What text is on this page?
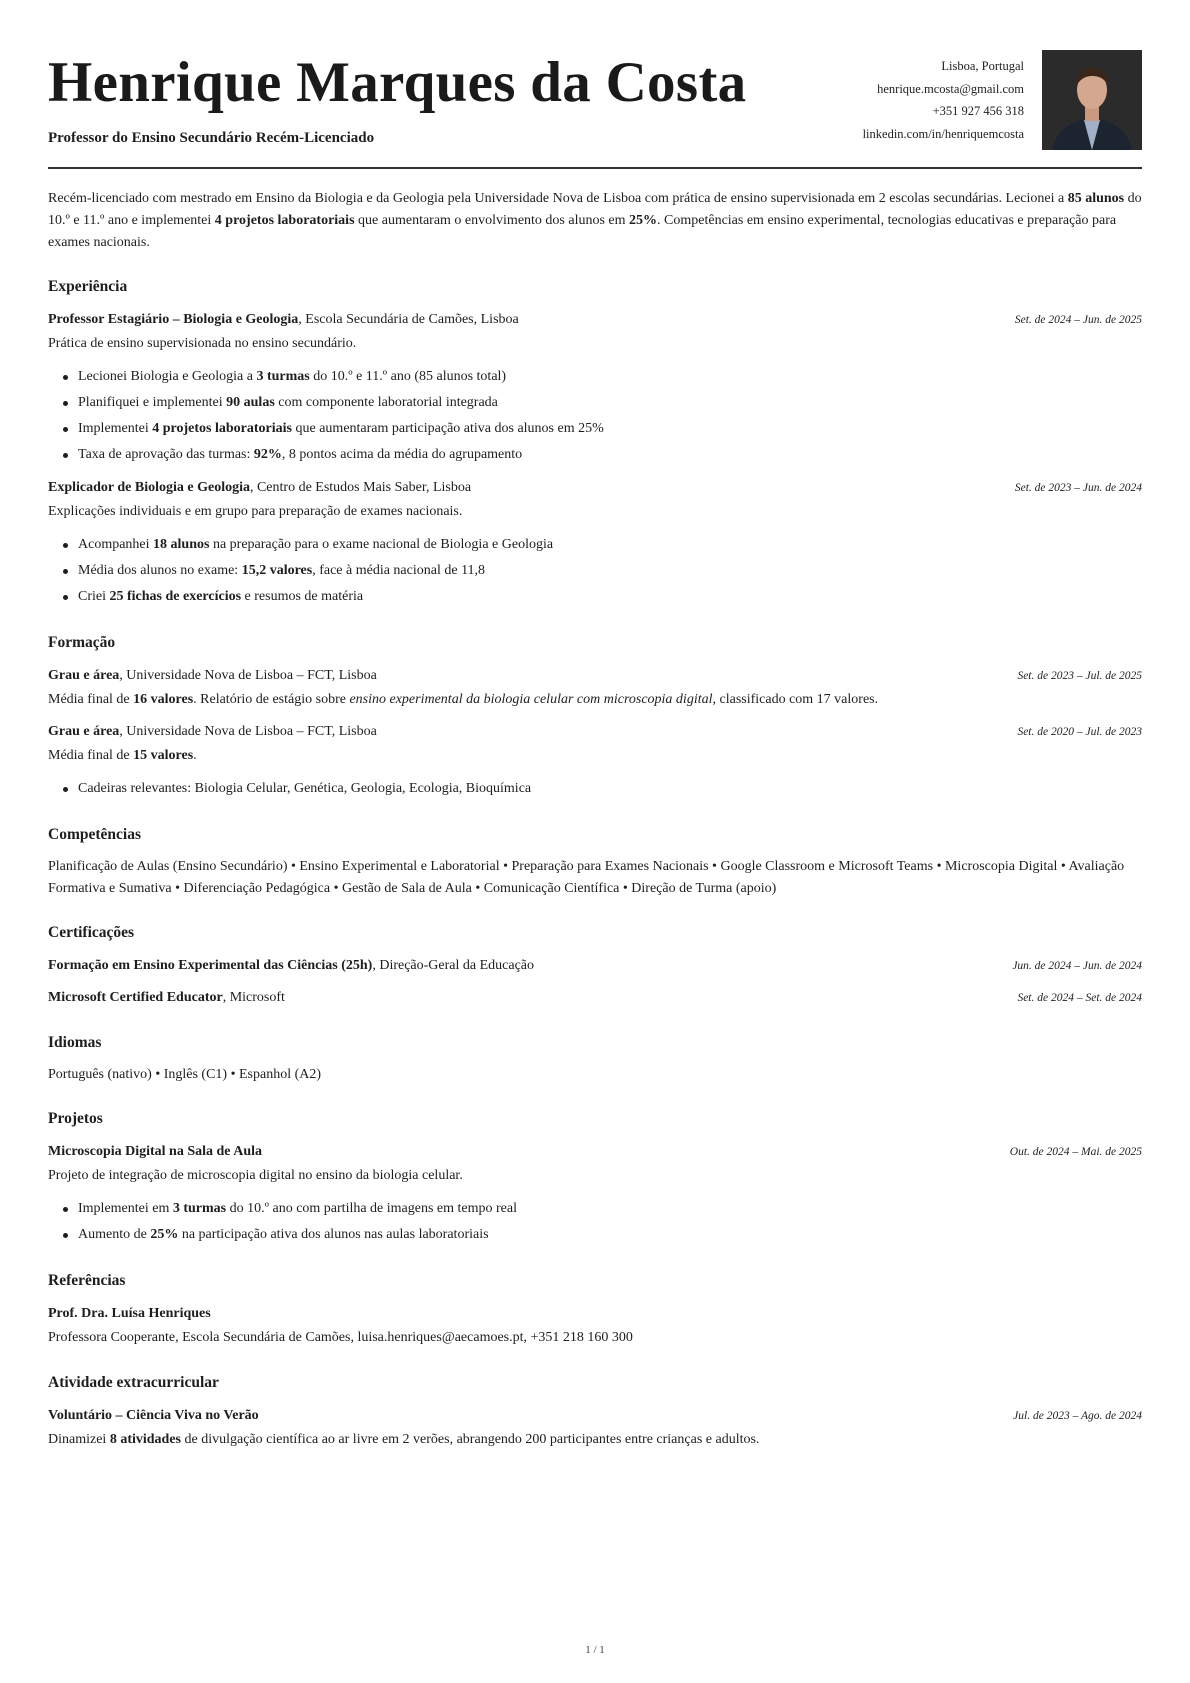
Henrique Marques da Costa
Professor do Ensino Secundário Recém-Licenciado
Lisboa, Portugal
henrique.mcosta@gmail.com
+351 927 456 318
linkedin.com/in/henriquemcosta
Recém-licenciado com mestrado em Ensino da Biologia e da Geologia pela Universidade Nova de Lisboa com prática de ensino supervisionada em 2 escolas secundárias. Lecionei a 85 alunos do 10.º e 11.º ano e implementei 4 projetos laboratoriais que aumentaram o envolvimento dos alunos em 25%. Competências em ensino experimental, tecnologias educativas e preparação para exames nacionais.
Experiência
Professor Estagiário – Biologia e Geologia, Escola Secundária de Camões, Lisboa	Set. de 2024 – Jun. de 2025
Prática de ensino supervisionada no ensino secundário.
Lecionei Biologia e Geologia a 3 turmas do 10.º e 11.º ano (85 alunos total)
Planifiquei e implementei 90 aulas com componente laboratorial integrada
Implementei 4 projetos laboratoriais que aumentaram participação ativa dos alunos em 25%
Taxa de aprovação das turmas: 92%, 8 pontos acima da média do agrupamento
Explicador de Biologia e Geologia, Centro de Estudos Mais Saber, Lisboa	Set. de 2023 – Jun. de 2024
Explicações individuais e em grupo para preparação de exames nacionais.
Acompanhei 18 alunos na preparação para o exame nacional de Biologia e Geologia
Média dos alunos no exame: 15,2 valores, face à média nacional de 11,8
Criei 25 fichas de exercícios e resumos de matéria
Formação
Grau e área, Universidade Nova de Lisboa – FCT, Lisboa	Set. de 2023 – Jul. de 2025
Média final de 16 valores. Relatório de estágio sobre ensino experimental da biologia celular com microscopia digital, classificado com 17 valores.
Grau e área, Universidade Nova de Lisboa – FCT, Lisboa	Set. de 2020 – Jul. de 2023
Média final de 15 valores.
Cadeiras relevantes: Biologia Celular, Genética, Geologia, Ecologia, Bioquímica
Competências
Planificação de Aulas (Ensino Secundário) • Ensino Experimental e Laboratorial • Preparação para Exames Nacionais • Google Classroom e Microsoft Teams • Microscopia Digital • Avaliação Formativa e Sumativa • Diferenciação Pedagógica • Gestão de Sala de Aula • Comunicação Científica • Direção de Turma (apoio)
Certificações
Formação em Ensino Experimental das Ciências (25h), Direção-Geral da Educação	Jun. de 2024 – Jun. de 2024
Microsoft Certified Educator, Microsoft	Set. de 2024 – Set. de 2024
Idiomas
Português (nativo) • Inglês (C1) • Espanhol (A2)
Projetos
Microscopia Digital na Sala de Aula	Out. de 2024 – Mai. de 2025
Projeto de integração de microscopia digital no ensino da biologia celular.
Implementei em 3 turmas do 10.º ano com partilha de imagens em tempo real
Aumento de 25% na participação ativa dos alunos nas aulas laboratoriais
Referências
Prof. Dra. Luísa Henriques
Professora Cooperante, Escola Secundária de Camões, luisa.henriques@aecamoes.pt, +351 218 160 300
Atividade extracurricular
Voluntário – Ciência Viva no Verão	Jul. de 2023 – Ago. de 2024
Dinamizei 8 atividades de divulgação científica ao ar livre em 2 verões, abrangendo 200 participantes entre crianças e adultos.
1 / 1
